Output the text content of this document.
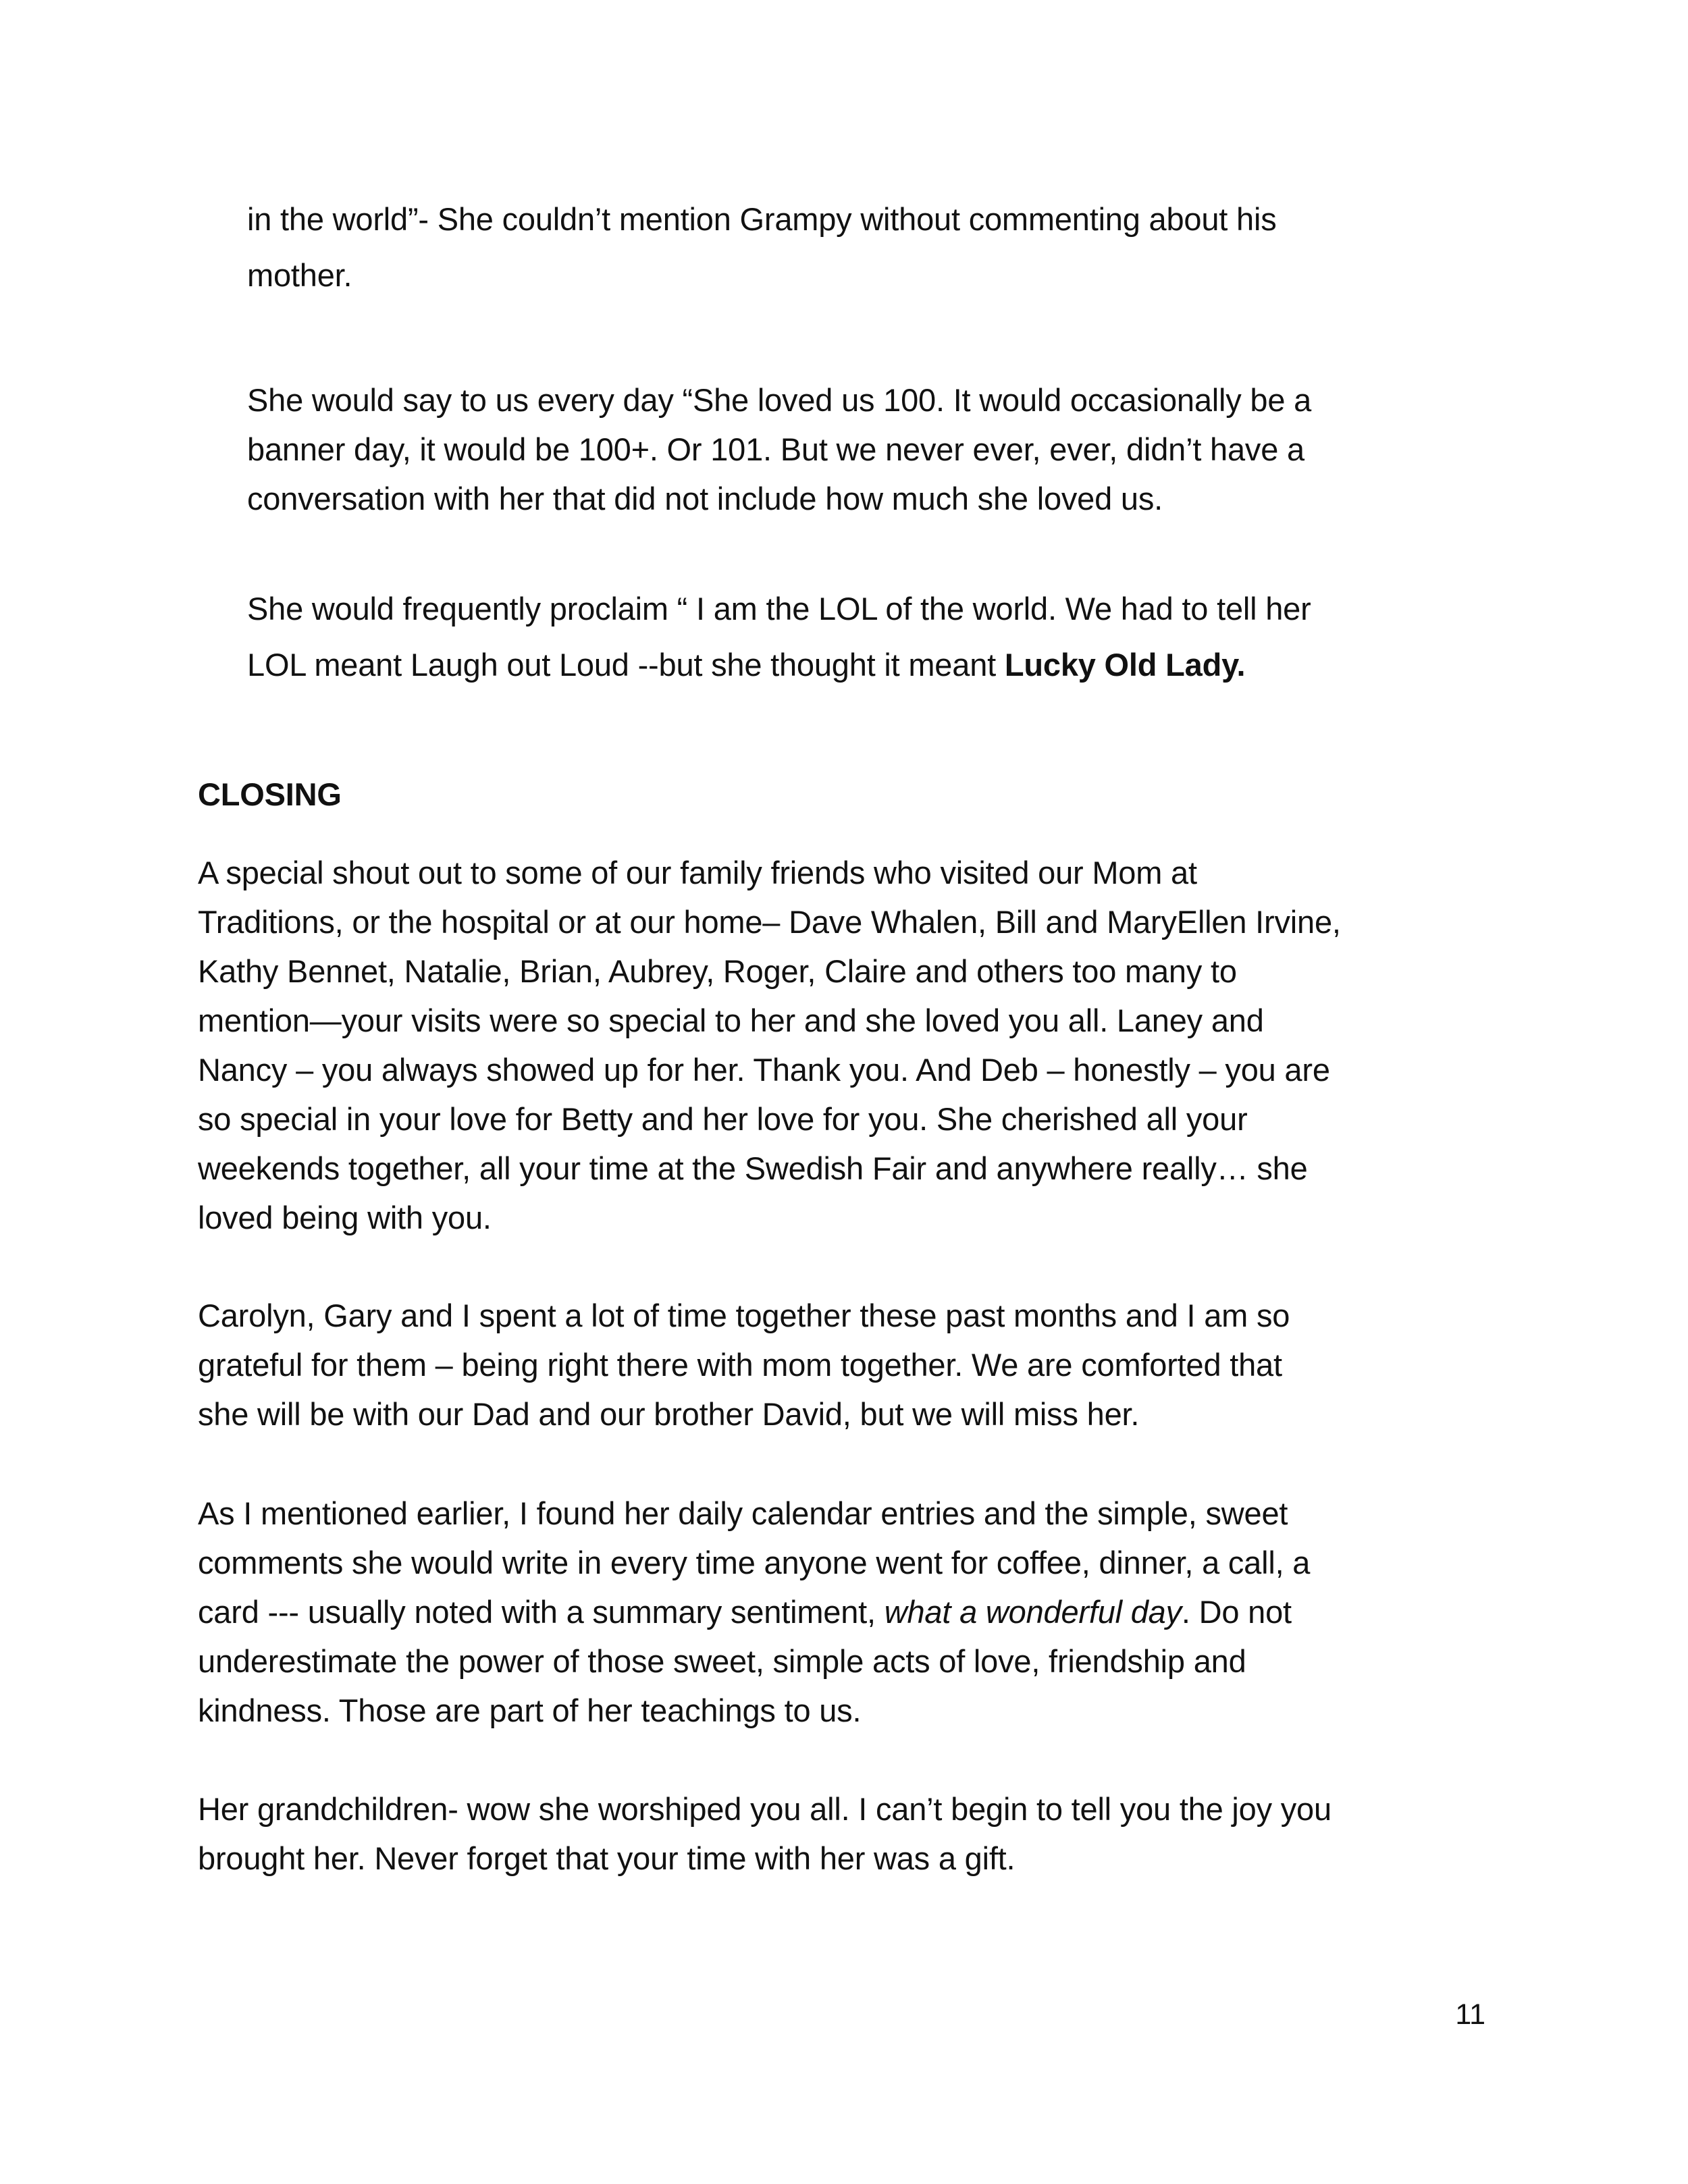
in the world”- She couldn’t mention Grampy without commenting about his
mother.

She would say to us every day “She loved us 100. It would occasionally be a
banner day, it would be 100+. Or 101. But we never ever, ever, didn’t have a
conversation with her that did not include how much she loved us.

She would frequently proclaim “ I am the LOL of the world. We had to tell her
LOL meant Laugh out Loud --but she thought it meant Lucky Old Lady.

CLOSING

A special shout out to some of our family friends who visited our Mom at
Traditions, or the hospital or at our home– Dave Whalen, Bill and MaryEllen Irvine,
Kathy Bennet, Natalie, Brian, Aubrey, Roger, Claire and others too many to
mention—your visits were so special to her and she loved you all. Laney and
Nancy – you always showed up for her. Thank you. And Deb – honestly – you are
so special in your love for Betty and her love for you. She cherished all your
weekends together, all your time at the Swedish Fair and anywhere really… she
loved being with you.

Carolyn, Gary and I spent a lot of time together these past months and I am so
grateful for them – being right there with mom together. We are comforted that
she will be with our Dad and our brother David, but we will miss her.

As I mentioned earlier, I found her daily calendar entries and the simple, sweet
comments she would write in every time anyone went for coffee, dinner, a call, a
card --- usually noted with a summary sentiment, what a wonderful day. Do not
underestimate the power of those sweet, simple acts of love, friendship and
kindness. Those are part of her teachings to us.

Her grandchildren- wow she worshiped you all. I can’t begin to tell you the joy you
brought her. Never forget that your time with her was a gift.

11
